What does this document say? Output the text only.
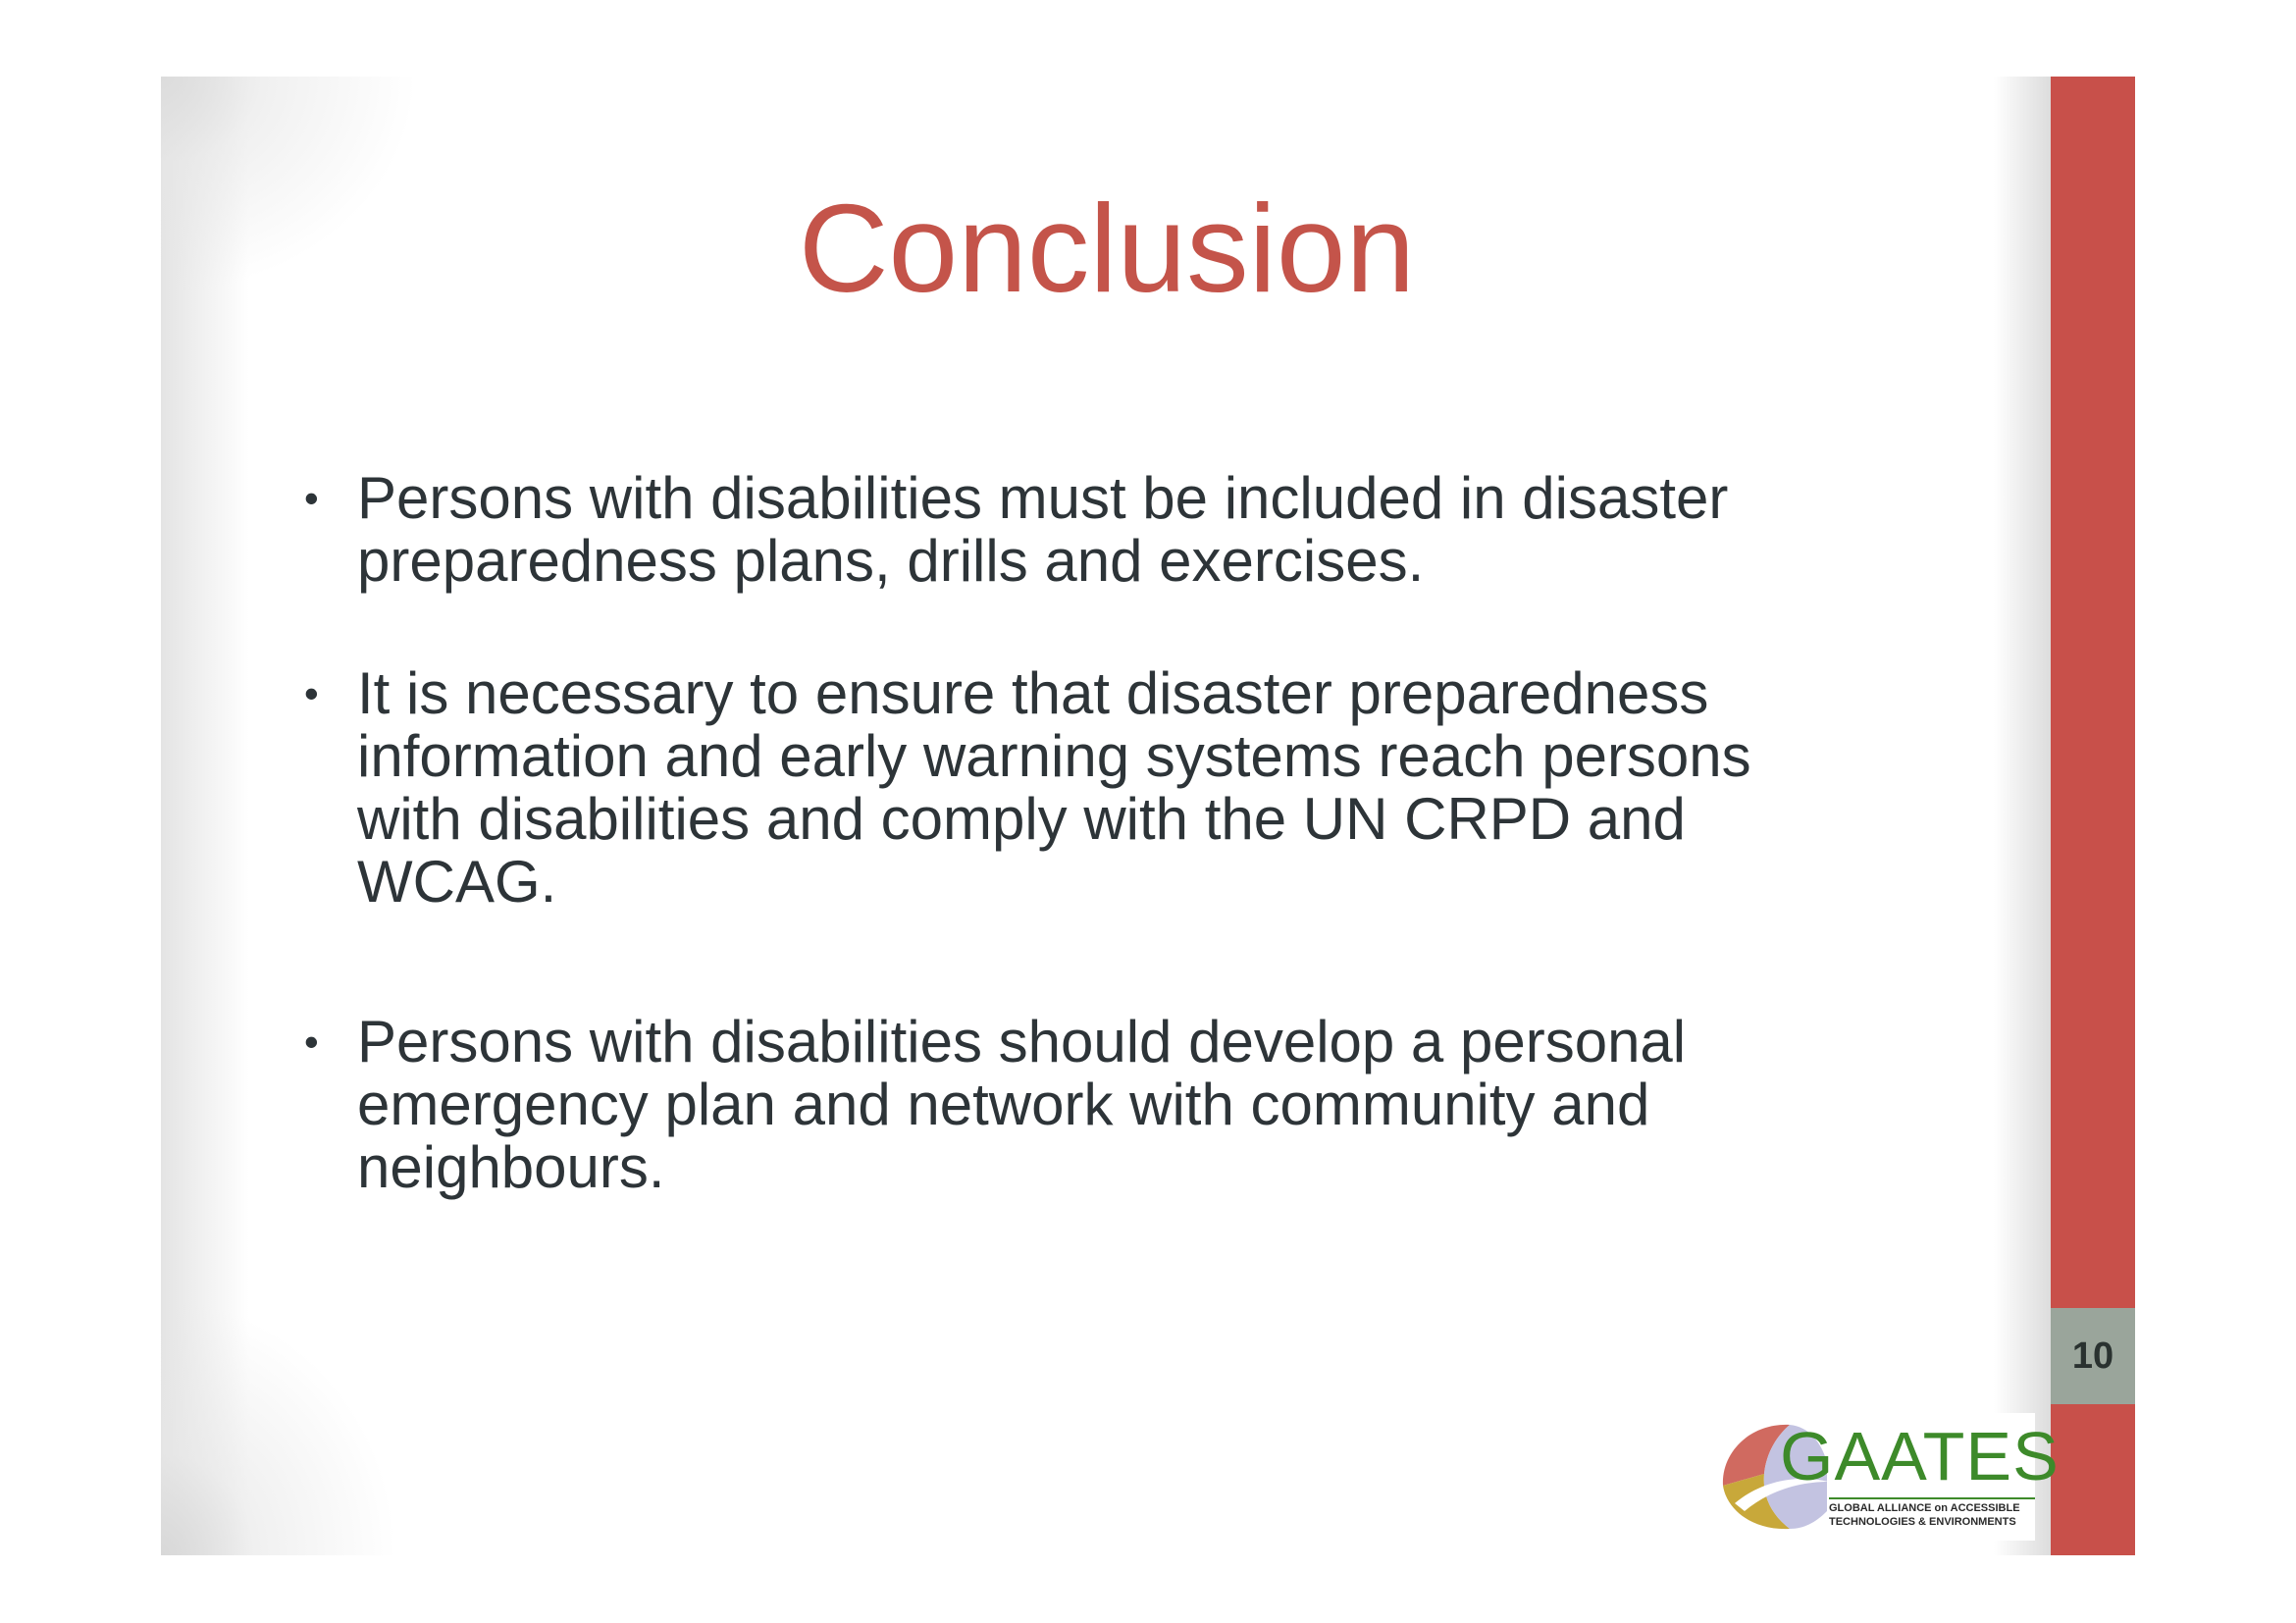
Conclusion
• Persons with disabilities must be included in disaster
preparedness plans, drills and exercises.
• It is necessary to ensure that disaster preparedness
information and early warning systems reach persons
with disabilities and comply with the UN CRPD and
WCAG.
• Persons with disabilities should develop a personal
emergency plan and network with community and
neighbours.
10
GAATES
GLOBAL ALLIANCE on ACCESSIBLE
TECHNOLOGIES & ENVIRONMENTS
